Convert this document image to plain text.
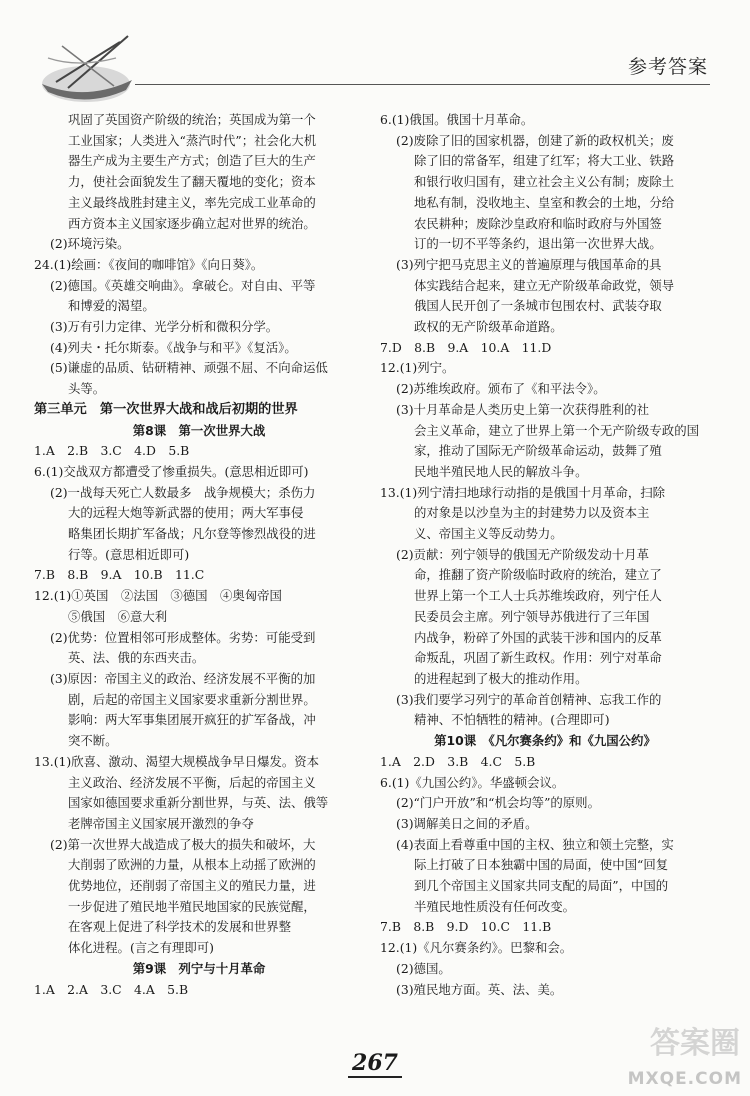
参考答案

巩固了英国资产阶级的统治；英国成为第一个

工业国家；人类进入“蒸汽时代”；社会化大机

器生产成为主要生产方式；创造了巨大的生产

力，使社会面貌发生了翻天覆地的变化；资本

主义最终战胜封建主义，率先完成工业革命的

西方资本主义国家逐步确立起对世界的统治。

(2)环境污染。

24.(1)绘画：《夜间的咖啡馆》《向日葵》。

(2)德国。《英雄交响曲》。拿破仑。对自由、平等

和博爱的渴望。

(3)万有引力定律、光学分析和微积分学。

(4)列夫・托尔斯泰。《战争与和平》《复活》。

(5)谦虚的品质、钻研精神、顽强不屈、不向命运低

头等。

第三单元　第一次世界大战和战后初期的世界

第8课　第一次世界大战

1.A　2.B　3.C　4.D　5.B

6.(1)交战双方都遭受了惨重损失。(意思相近即可)

(2)一战每天死亡人数最多　战争规模大；杀伤力

大的远程大炮等新武器的使用；两大军事侵

略集团长期扩军备战；凡尔登等惨烈战役的进

行等。(意思相近即可)

7.B　8.B　9.A　10.B　11.C

12.(1)①英国　②法国　③德国　④奥匈帝国

⑤俄国　⑥意大利

(2)优势：位置相邻可形成整体。劣势：可能受到

英、法、俄的东西夹击。

(3)原因：帝国主义的政治、经济发展不平衡的加

剧，后起的帝国主义国家要求重新分割世界。

影响：两大军事集团展开疯狂的扩军备战，冲

突不断。

13.(1)欣喜、激动、渴望大规模战争早日爆发。资本

主义政治、经济发展不平衡，后起的帝国主义

国家如德国要求重新分割世界，与英、法、俄等

老牌帝国主义国家展开激烈的争夺

(2)第一次世界大战造成了极大的损失和破坏，大

大削弱了欧洲的力量，从根本上动摇了欧洲的

优势地位，还削弱了帝国主义的殖民力量，进

一步促进了殖民地半殖民地国家的民族觉醒，

在客观上促进了科学技术的发展和世界整

体化进程。(言之有理即可)

第9课　列宁与十月革命

1.A　2.A　3.C　4.A　5.B

6.(1)俄国。俄国十月革命。

(2)废除了旧的国家机器，创建了新的政权机关；废

除了旧的常备军，组建了红军；将大工业、铁路

和银行收归国有，建立社会主义公有制；废除土

地私有制，没收地主、皇室和教会的土地，分给

农民耕种；废除沙皇政府和临时政府与外国签

订的一切不平等条约，退出第一次世界大战。

(3)列宁把马克思主义的普遍原理与俄国革命的具

体实践结合起来，建立无产阶级革命政党，领导

俄国人民开创了一条城市包围农村、武装夺取

政权的无产阶级革命道路。

7.D　8.B　9.A　10.A　11.D

12.(1)列宁。

(2)苏维埃政府。颁布了《和平法令》。

(3)十月革命是人类历史上第一次获得胜利的社

会主义革命，建立了世界上第一个无产阶级专政的国

家，推动了国际无产阶级革命运动，鼓舞了殖

民地半殖民地人民的解放斗争。

13.(1)列宁清扫地球行动指的是俄国十月革命，扫除

的对象是以沙皇为主的封建势力以及资本主

义、帝国主义等反动势力。

(2)贡献：列宁领导的俄国无产阶级发动十月革

命，推翻了资产阶级临时政府的统治，建立了

世界上第一个工人士兵苏维埃政府，列宁任人

民委员会主席。列宁领导苏俄进行了三年国

内战争，粉碎了外国的武装干涉和国内的反革

命叛乱，巩固了新生政权。作用：列宁对革命

的进程起到了极大的推动作用。

(3)我们要学习列宁的革命首创精神、忘我工作的

精神、不怕牺牲的精神。(合理即可)

第10课　《凡尔赛条约》和《九国公约》

1.A　2.D　3.B　4.C　5.B

6.(1)《九国公约》。华盛顿会议。

(2)“门户开放”和“机会均等”的原则。

(3)调解美日之间的矛盾。

(4)表面上看尊重中国的主权、独立和领土完整，实

际上打破了日本独霸中国的局面，使中国“回复

到几个帝国主义国家共同支配的局面”，中国的

半殖民地性质没有任何改变。

7.B　8.B　9.D　10.C　11.B

12.(1)《凡尔赛条约》。巴黎和会。

(2)德国。

(3)殖民地方面。英、法、美。

267
答案圈
MXQE.COM
